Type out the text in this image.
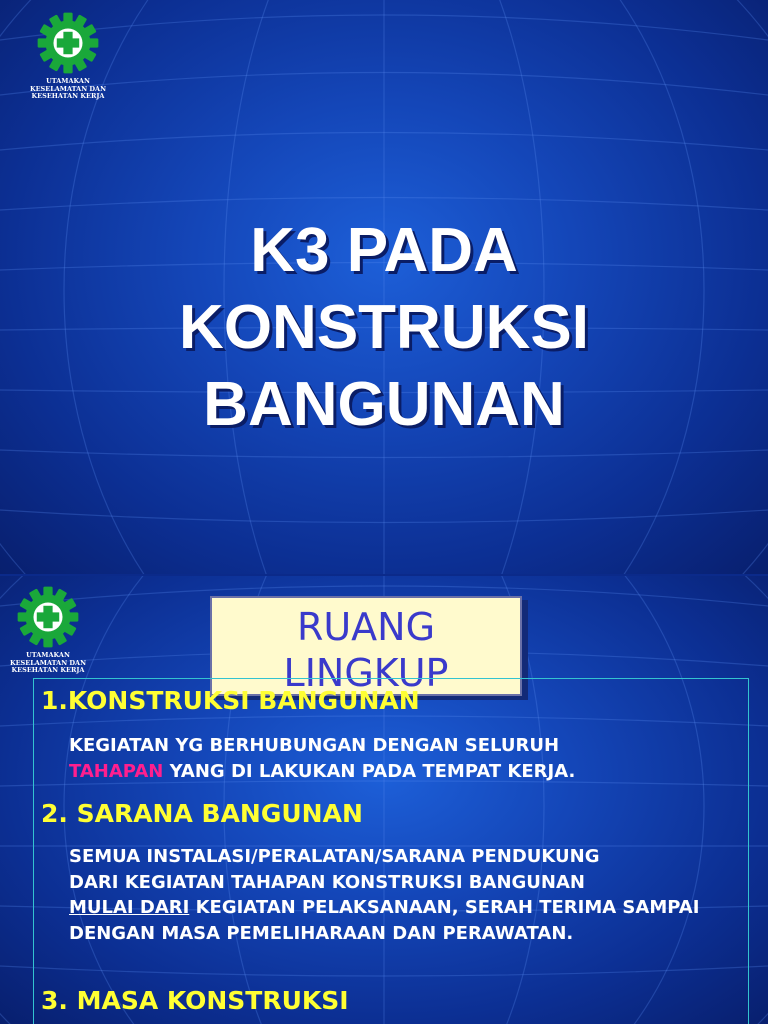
UTAMAKAN
KESELAMATAN DAN
KESEHATAN KERJA
K3 PADA
KONSTRUKSI
BANGUNAN
UTAMAKAN
KESELAMATAN DAN
KESEHATAN KERJA
RUANG
LINGKUP
1.KONSTRUKSI BANGUNAN
KEGIATAN YG BERHUBUNGAN DENGAN SELURUH
TAHAPAN YANG DI LAKUKAN PADA TEMPAT KERJA.
2. SARANA BANGUNAN
SEMUA INSTALASI/PERALATAN/SARANA PENDUKUNG
DARI KEGIATAN TAHAPAN KONSTRUKSI BANGUNAN
MULAI DARI KEGIATAN PELAKSANAAN, SERAH TERIMA SAMPAI DENGAN MASA PEMELIHARAAN DAN PERAWATAN.
3. MASA KONSTRUKSI
